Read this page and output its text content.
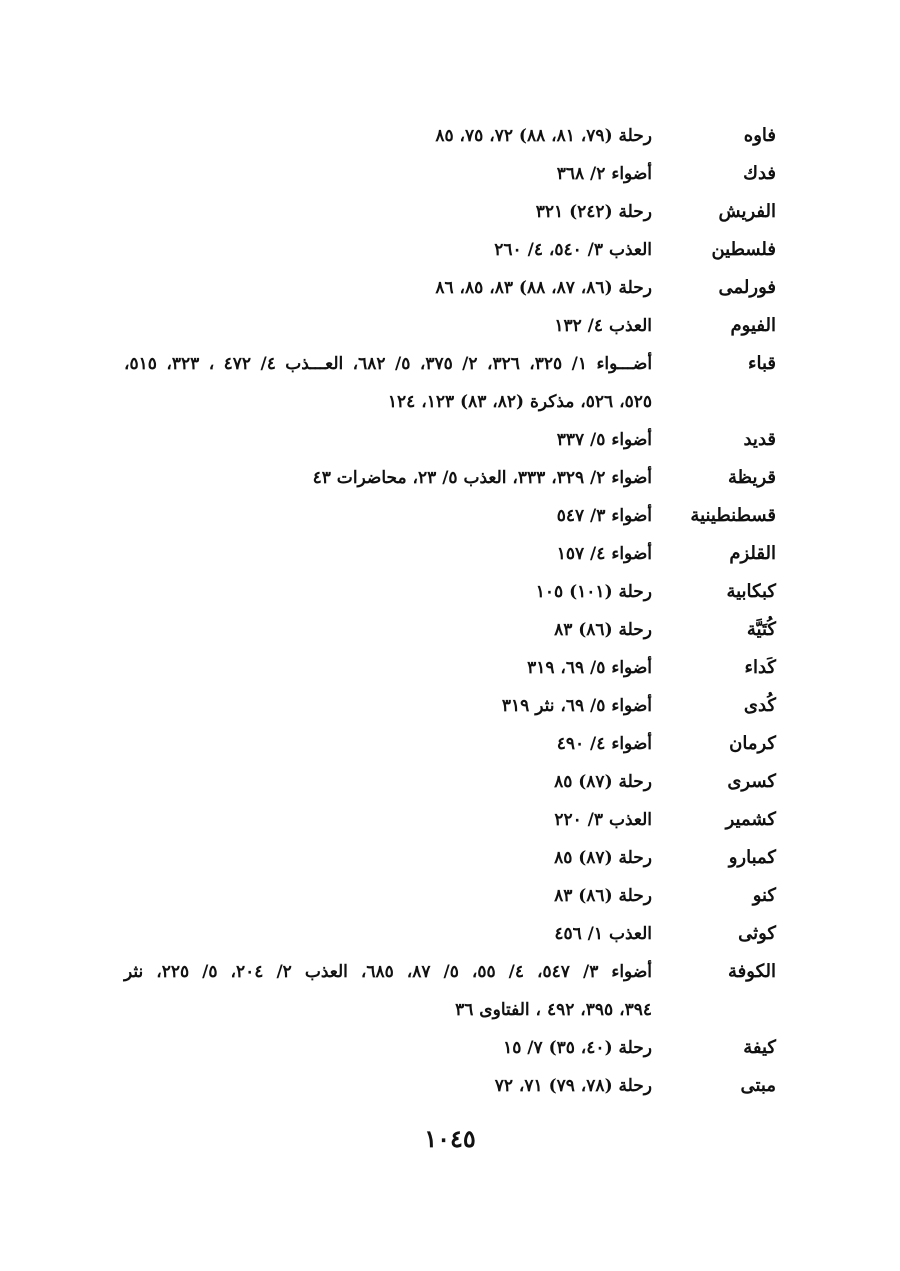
فاوه
رحلة (٧٩، ٨١، ٨٨) ٧٢، ٧٥، ٨٥
فدك
أضواء ٢/ ٣٦٨
الفريش
رحلة (٢٤٢) ٣٢١
فلسطين
العذب ٣/ ٥٤٠، ٤/ ٢٦٠
فورلمى
رحلة (٨٦، ٨٧، ٨٨) ٨٣، ٨٥، ٨٦
الفيوم
العذب ٤/ ١٣٢
قباء
أضـــواء ١/ ٣٢٥، ٣٢٦، ٢/ ٣٧٥، ٥/ ٦٨٢، العـــذب ٤/ ٤٧٢ ، ٣٢٣، ٥١٥،
٥٢٥، ٥٢٦، مذكرة (٨٢، ٨٣) ١٢٣، ١٢٤
قديد
أضواء ٥/ ٣٣٧
قريظة
أضواء ٢/ ٣٢٩، ٣٣٣، العذب ٥/ ٢٣، محاضرات ٤٣
قسطنطينية
أضواء ٣/ ٥٤٧
القلزم
أضواء ٤/ ١٥٧
كبكابية
رحلة (١٠١) ١٠٥
كُتَيَّة
رحلة (٨٦) ٨٣
كَداء
أضواء ٥/ ٦٩، ٣١٩
كُدى
أضواء ٥/ ٦٩، نثر ٣١٩
كرمان
أضواء ٤/ ٤٩٠
كسرى
رحلة (٨٧) ٨٥
كشمير
العذب ٣/ ٢٢٠
كمبارو
رحلة (٨٧) ٨٥
كنو
رحلة (٨٦) ٨٣
كوثى
العذب ١/ ٤٥٦
الكوفة
أضواء ٣/ ٥٤٧، ٤/ ٥٥، ٥/ ٨٧، ٦٨٥، العذب ٢/ ٢٠٤، ٥/ ٢٢٥، نثر
٣٩٤، ٣٩٥، ٤٩٢ ، الفتاوى ٣٦
كيفة
رحلة (٤٠، ٣٥) ٧/ ١٥
مبتى
رحلة (٧٨، ٧٩) ٧١، ٧٢
١٠٤٥
